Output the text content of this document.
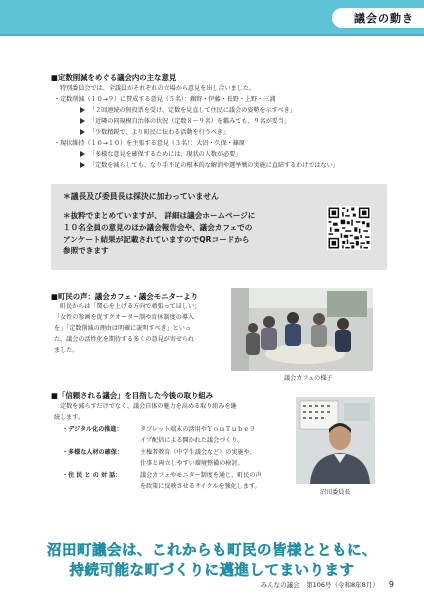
議会の動き
■定数削減をめぐる議会内の主な意見
特別委員会では、全議員がそれぞれの立場から意見を出し合いました。
・定数削減（１０→９）に賛成する意見（５名）：鵜野・伊藤・長野・上野・三浦
「２回連続の無投票を受け、定数を見直して住民に議会の姿勢を示すべき」
「近隣の同規模自治体の状況（定数８～９名）を鑑みても、９名が妥当」
「少数精鋭で、より町民に伝わる活動を行うべき」
・現状維持（１０→１０）を主張する意見（３名）：大沼・久保・篠原
「多様な意見を確保するためには、現状の人数が必要」
「定数を減らしても、なり手不足の根本的な解消や選挙戦の実施に直結するわけではない」
＊議長及び委員長は採決に加わっていません
＊抜粋でまとめていますが、 詳細は議会ホームページに
１０名全員の意見のほか議会報告会や、議会カフェでの
アンケート結果が記載されていますのでQRコードから
参照できます
■町民の声：議会カフェ・議会モニターより
町民からは「関心を上げる方向で頑張ってほしい」
「女性の参画を促すクオーター制や育休制度の導入
を」「定数削減の理由は明確に説明すべき」といっ
た、議会の活性化を期待する多くの意見が寄せられ
ました。
議会カフェの様子
■「信頼される議会」を目指した今後の取り組み
定数を減らすだけでなく、議会自体の魅力を高める取り組みを継
続します。
・デジタル化の推進：	タブレット端末の活用やＹｏｕＴｕｂｅラ
イブ配信による開かれた議会づくり。
・多様な人材の確保：	主権者教育（中学生議会など）の実施や、
仕事と両立しやすい環境整備の検討。
・住 民 と の 対 話：	議会カフェやモニター制度を通じ、町民の声
を政策に反映させるサイクルを強化します。
沼田委員長
沼田町議会は、これからも町民の皆様とともに、
持続可能な町づくりに邁進してまいります
みんなの議会　第106号（令和8年8月） 9
